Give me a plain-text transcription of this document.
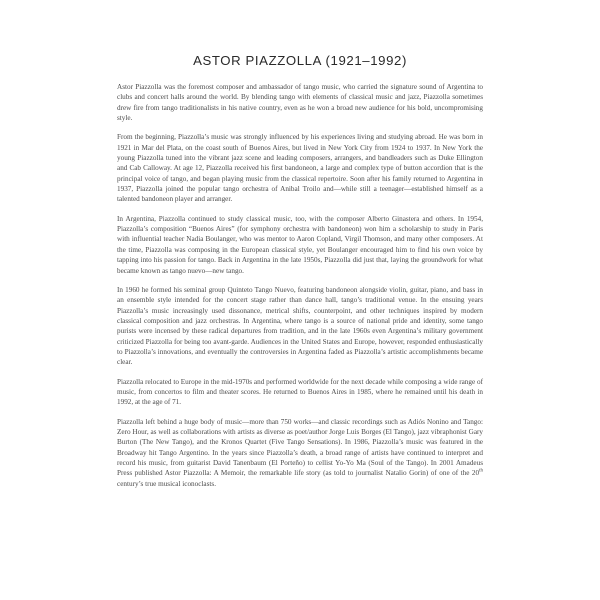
ASTOR PIAZZOLLA (1921–1992)

Astor Piazzolla was the foremost composer and ambassador of tango music, who carried the signature sound of Argentina to clubs and concert halls around the world. By blending tango with elements of classical music and jazz, Piazzolla sometimes drew fire from tango traditionalists in his native country, even as he won a broad new audience for his bold, uncompromising style.

From the beginning, Piazzolla’s music was strongly influenced by his experiences living and studying abroad. He was born in 1921 in Mar del Plata, on the coast south of Buenos Aires, but lived in New York City from 1924 to 1937. In New York the young Piazzolla tuned into the vibrant jazz scene and leading composers, arrangers, and bandleaders such as Duke Ellington and Cab Calloway. At age 12, Piazzolla received his first bandoneon, a large and complex type of button accordion that is the principal voice of tango, and began playing music from the classical repertoire. Soon after his family returned to Argentina in 1937, Piazzolla joined the popular tango orchestra of Anibal Troilo and—while still a teenager—established himself as a talented bandoneon player and arranger.

In Argentina, Piazzolla continued to study classical music, too, with the composer Alberto Ginastera and others. In 1954, Piazzolla’s composition “Buenos Aires” (for symphony orchestra with bandoneon) won him a scholarship to study in Paris with influential teacher Nadia Boulanger, who was mentor to Aaron Copland, Virgil Thomson, and many other composers. At the time, Piazzolla was composing in the European classical style, yet Boulanger encouraged him to find his own voice by tapping into his passion for tango. Back in Argentina in the late 1950s, Piazzolla did just that, laying the groundwork for what became known as tango nuevo—new tango.

In 1960 he formed his seminal group Quinteto Tango Nuevo, featuring bandoneon alongside violin, guitar, piano, and bass in an ensemble style intended for the concert stage rather than dance hall, tango’s traditional venue. In the ensuing years Piazzolla’s music increasingly used dissonance, metrical shifts, counterpoint, and other techniques inspired by modern classical composition and jazz orchestras. In Argentina, where tango is a source of national pride and identity, some tango purists were incensed by these radical departures from tradition, and in the late 1960s even Argentina’s military government criticized Piazzolla for being too avant-garde. Audiences in the United States and Europe, however, responded enthusiastically to Piazzolla’s innovations, and eventually the controversies in Argentina faded as Piazzolla’s artistic accomplishments became clear.

Piazzolla relocated to Europe in the mid-1970s and performed worldwide for the next decade while composing a wide range of music, from concertos to film and theater scores. He returned to Buenos Aires in 1985, where he remained until his death in 1992, at the age of 71.

Piazzolla left behind a huge body of music—more than 750 works—and classic recordings such as Adiós Nonino and Tango: Zero Hour, as well as collaborations with artists as diverse as poet/author Jorge Luis Borges (El Tango), jazz vibraphonist Gary Burton (The New Tango), and the Kronos Quartet (Five Tango Sensations). In 1986, Piazzolla’s music was featured in the Broadway hit Tango Argentino. In the years since Piazzolla’s death, a broad range of artists have continued to interpret and record his music, from guitarist David Tanenbaum (El Porteño) to cellist Yo-Yo Ma (Soul of the Tango). In 2001 Amadeus Press published Astor Piazzolla: A Memoir, the remarkable life story (as told to journalist Natalio Gorin) of one of the 20th century’s true musical iconoclasts.
